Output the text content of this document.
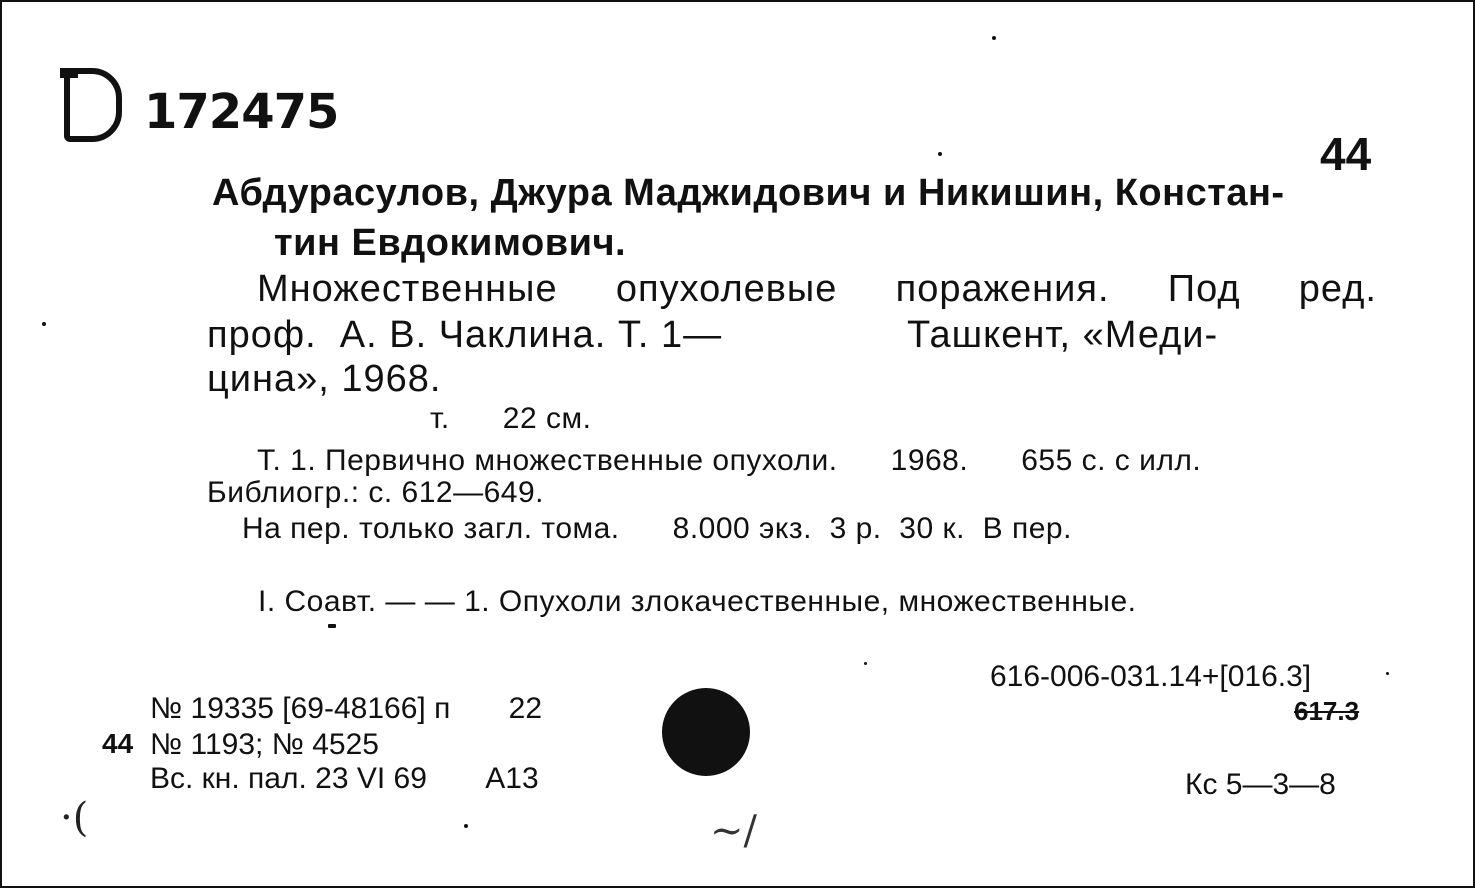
172475
44
Абдурасулов, Джура Маджидович и Никишин, Констан-
тин Евдокимович.
Множественные опухолевые поражения. Под ред.
проф.  А. В. Чаклина. Т. 1—                Ташкент, «Меди-
цина», 1968.
т.      22 см.
Т. 1. Первично множественные опухоли.      1968.      655 с. с илл.
Библиогр.: с. 612—649.
На пер. только загл. тома.      8.000 экз.  3 р.  30 к.  В пер.
I. Соавт. — — 1. Опухоли злокачественные, множественные.
616-006-031.14+[016.3]
617.3
44
№ 19335 [69-48166] п       22
№ 1193; № 4525
Вс. кн. пал. 23 VI 69       А13	Кс 5—3—8
·(	~/
